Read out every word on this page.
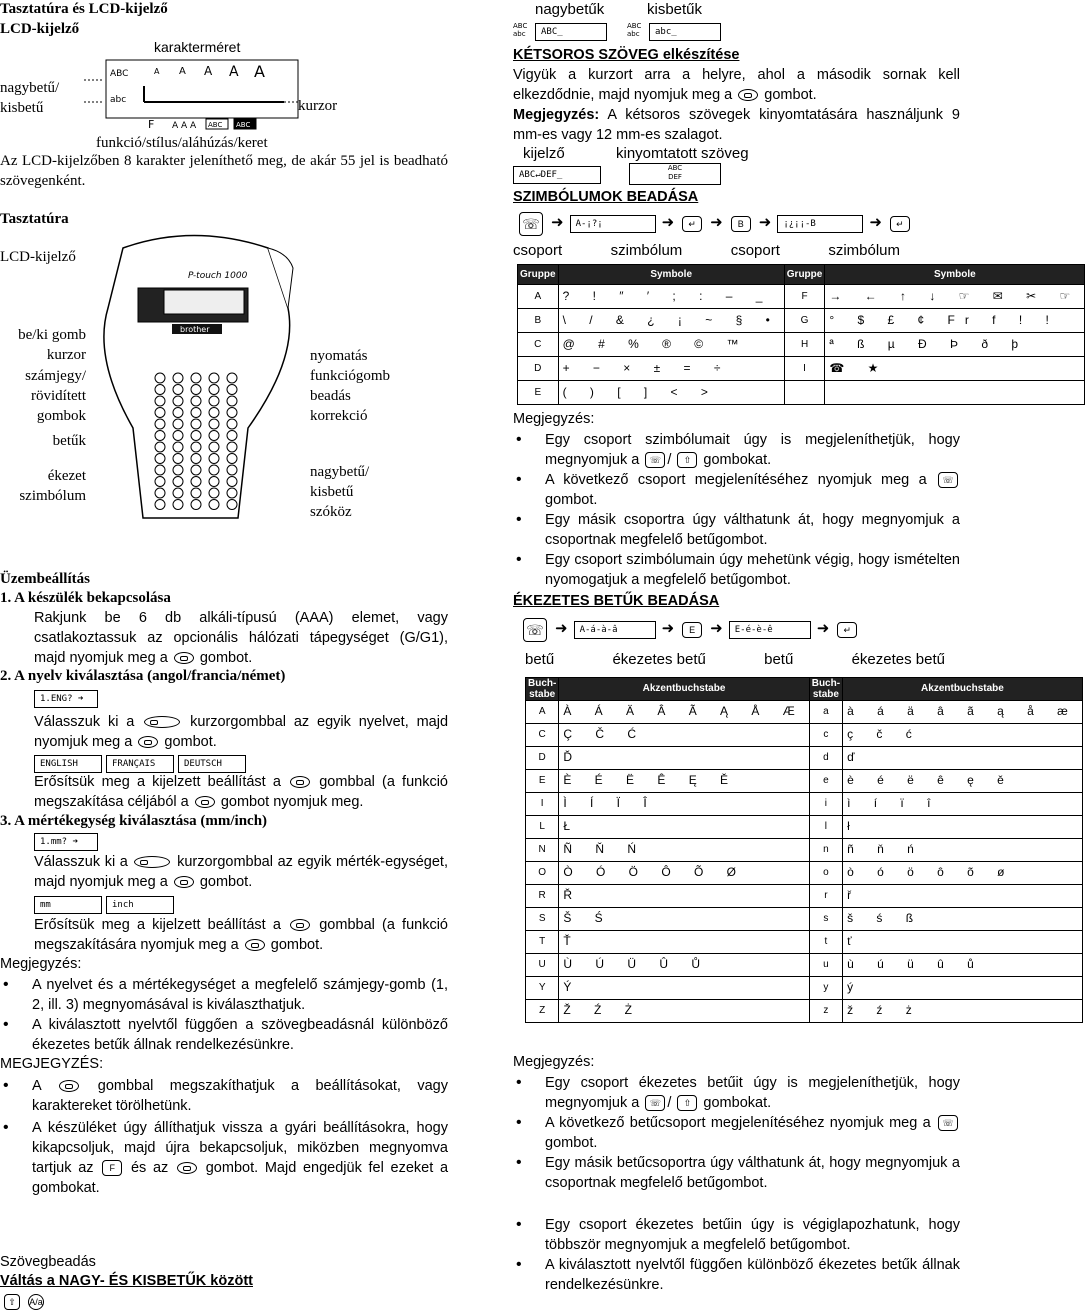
Tasztatúra és LCD-kijelző
LCD-kijelző
karakterméret
nagybetű/
kisbetű	kurzor
ABC
abc
A A A A A
F A A A ABC ABC
funkció/stílus/aláhúzás/keret
Az LCD-kijelzőben 8 karakter jeleníthető meg, de akár 55 jel is beadható szövegenként.
Tasztatúra
LCD-kijelző
be/ki gomb
kurzor
számjegy/
rövidített
gombok
betűk
ékezet
szimbólum
nyomatás
funkciógomb
beadás
korrekció
nagybetű/
kisbetű
szóköz
P-touch 1000
brother
Üzembeállítás
1. A készülék bekapcsolása
Rakjunk be 6 db alkáli-típusú (AAA) elemet, vagy csatlakoztassuk az opcionális hálózati tápegységet (G/G1), majd nyomjuk meg a gombot.
2. A nyelv kiválasztása (angol/francia/német)
1.ENG? ➜
Válasszuk ki a	kurzorgombbal az egyik nyelvet, majd nyomjuk meg a gombot.
ENGLISH	FRANÇAIS	DEUTSCH
Erősítsük meg a kijelzett beállítást a	gombbal (a funkció megszakítása céljából a gombot nyomjuk meg.
3. A mértékegység kiválasztása (mm/inch)
1.mm? ➜
Válasszuk ki a	kurzorgombbal az egyik mérték-egységet, majd nyomjuk meg a gombot.
mm	inch
Erősítsük meg a kijelzett beállítást a	gombbal (a funkció megszakítására nyomjuk meg a gombot.
Megjegyzés:
• A nyelvet és a mértékegységet a megfelelő számjegy-gomb (1, 2, ill. 3) megnyomásával is kiválaszthatjuk.
• A kiválasztott nyelvtől függően a szövegbeadásnál különböző ékezetes betűk állnak rendelkezésünkre.
MEGJEGYZÉS:
• A	gombbal megszakíthatjuk a beállításokat, vagy karaktereket törölhetünk.
• A készüléket úgy állíthatjuk vissza a gyári beállításokra, hogy kikapcsoljuk, majd újra bekapcsoljuk, miközben megnyomva tartjuk az F és az	gombot. Majd engedjük fel ezeket a gombokat.
Szövegbeadás
Váltás a NAGY- ÉS KISBETŰK között
⇧	A/a
nagybetűk	kisbetűk
ABC
abc	ABC_
ABC
abc	abc_
KÉTSOROS SZÖVEG elkészítése
Vigyük a kurzort arra a helyre, ahol a második sornak kell elkezdődnie, majd nyomjuk meg a gombot.
Megjegyzés: A kétsoros szövegek kinyomtatására használjunk 9 mm-es vagy 12 mm-es szalagot.
kijelző	kinyomtatott szöveg
ABC↵DEF_
ABC
DEF
SZIMBÓLUMOK BEADÁSA
☏ ➜	A-¡?¡	➜	↵ ➜	B	➜	¡¿¡¡-B	➜	↵
csoport	szimbólum	csoport	szimbólum
Gruppe	Symbole	Gruppe	Symbole
A	? ! ″ ′ ; : – _	F	→ ← ↑ ↓ ☞ ✉ ✂ ☞
B	\ / & ¿ ¡ ~ § •	G	° $ £ ¢ Fr f ! !
C	@ # % ® © ™	H	ª ß µ Ð Þ ð þ
D	+ − × ± = ÷	I	☎ ★
E	( ) [ ] < >		
Megjegyzés:
• Egy csoport szimbólumait úgy is megjeleníthetjük, hogy megnyomjuk a ☏ / ⇧ gombokat.
• A következő csoport megjelenítéséhez nyomjuk meg a ☏ gombot.
• Egy másik csoportra úgy válthatunk át, hogy megnyomjuk a csoportnak megfelelő betűgombot.
• Egy csoport szimbólumain úgy mehetünk végig, hogy ismételten nyomogatjuk a megfelelő betűgombot.
ÉKEZETES BETŰK BEADÁSA
☏ ➜	A-á-à-â	➜	E	➜	E-é-è-ê	➜	↵
betű	ékezetes betű	betű	ékezetes betű
Buch-
stabe	Akzentbuchstabe	Buch-
stabe	Akzentbuchstabe
A	À Á Ä Â Ã Ą Å Æ	a	à á ä â ã ą å æ
C	Ç Č Ć	c	ç č ć
D	Ď	d	ď
E	È É Ë Ê Ę Ě	e	è é ë ê ę ě
I	Ì Í Ï Î	i	ì í ï î
L	Ł	l	ł
N	Ñ Ň Ń	n	ñ ň ń
O	Ò Ó Ö Ô Õ Ø	o	ò ó ö ô õ ø
R	Ř	r	ř
S	Š Ś	s	š ś ß
T	Ť	t	ť
U	Ù Ú Ü Û Ů	u	ù ú ü û ů
Y	Ý	y	ý
Z	Ž Ź Ż	z	ž ź ż
Megjegyzés:
• Egy csoport ékezetes betűit úgy is megjeleníthetjük, hogy megnyomjuk a ☏ / ⇧ gombokat.
• A következő betűcsoport megjelenítéséhez nyomjuk meg a ☏ gombot.
• Egy másik betűcsoportra úgy válthatunk át, hogy megnyomjuk a csoportnak megfelelő betűgombot.
• Egy csoport ékezetes betűin úgy is végiglapozhatunk, hogy többször megnyomjuk a megfelelő betűgombot.
• A kiválasztott nyelvtől függően különböző ékezetes betűk állnak rendelkezésünkre.
